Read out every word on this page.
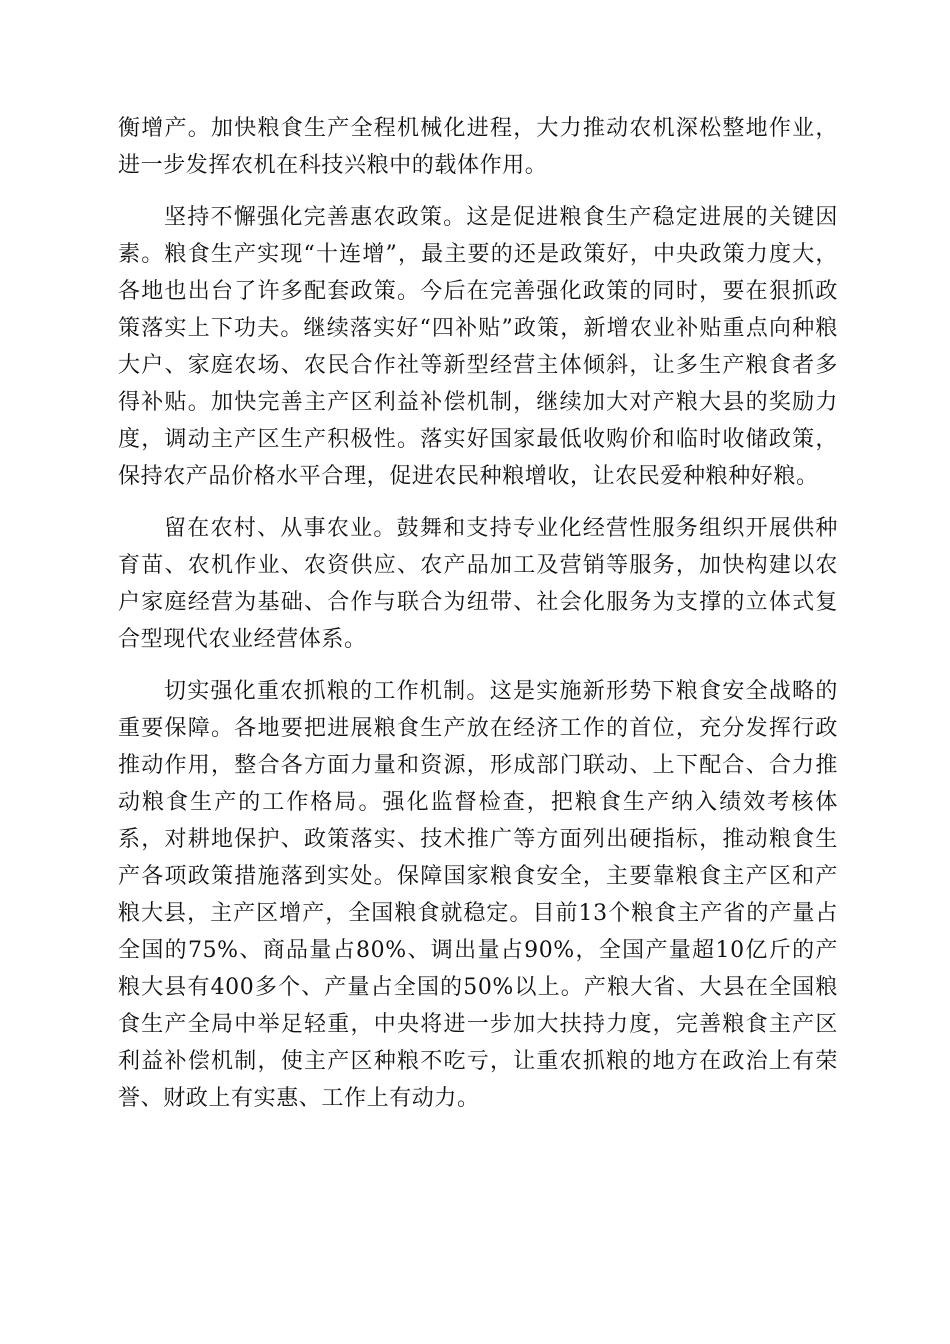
衡增产。加快粮食生产全程机械化进程，大力推动农机深松整地作业，进一步发挥农机在科技兴粮中的载体作用。

坚持不懈强化完善惠农政策。这是促进粮食生产稳定进展的关键因素。粮食生产实现“十连增”，最主要的还是政策好，中央政策力度大，各地也出台了许多配套政策。今后在完善强化政策的同时，要在狠抓政策落实上下功夫。继续落实好“四补贴”政策，新增农业补贴重点向种粮大户、家庭农场、农民合作社等新型经营主体倾斜，让多生产粮食者多得补贴。加快完善主产区利益补偿机制，继续加大对产粮大县的奖励力度，调动主产区生产积极性。落实好国家最低收购价和临时收储政策，保持农产品价格水平合理，促进农民种粮增收，让农民爱种粮种好粮。

留在农村、从事农业。鼓舞和支持专业化经营性服务组织开展供种育苗、农机作业、农资供应、农产品加工及营销等服务，加快构建以农户家庭经营为基础、合作与联合为纽带、社会化服务为支撑的立体式复合型现代农业经营体系。

切实强化重农抓粮的工作机制。这是实施新形势下粮食安全战略的重要保障。各地要把进展粮食生产放在经济工作的首位，充分发挥行政推动作用，整合各方面力量和资源，形成部门联动、上下配合、合力推动粮食生产的工作格局。强化监督检查，把粮食生产纳入绩效考核体系，对耕地保护、政策落实、技术推广等方面列出硬指标，推动粮食生产各项政策措施落到实处。保障国家粮食安全，主要靠粮食主产区和产粮大县，主产区增产，全国粮食就稳定。目前13个粮食主产省的产量占全国的75%、商品量占80%、调出量占90%，全国产量超10亿斤的产粮大县有400多个、产量占全国的50%以上。产粮大省、大县在全国粮食生产全局中举足轻重，中央将进一步加大扶持力度，完善粮食主产区利益补偿机制，使主产区种粮不吃亏，让重农抓粮的地方在政治上有荣誉、财政上有实惠、工作上有动力。
